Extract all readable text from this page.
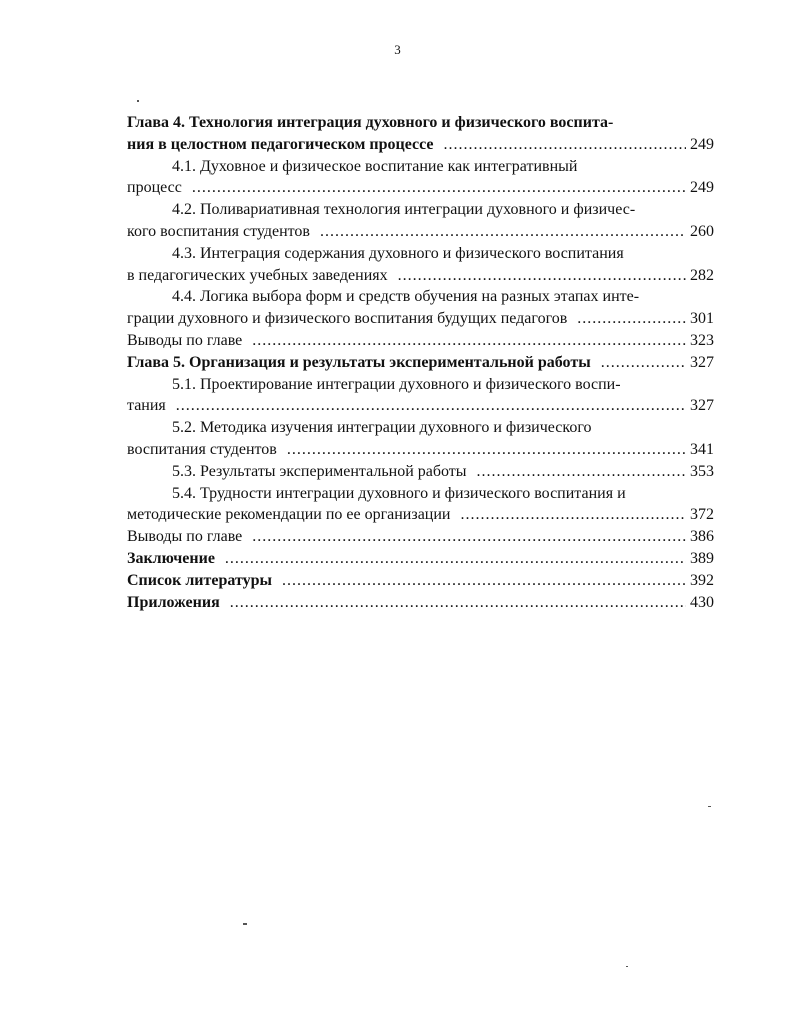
3
Глава 4. Технология интеграция духовного и физического воспита-
ния в целостном педагогическом процессе .....	249
4.1. Духовное и физическое воспитание как интегративный
процесс .....	249
4.2. Поливариативная технология интеграции духовного и физичес-
кого воспитания студентов .....	260
4.3. Интеграция содержания духовного и физического воспитания
в педагогических учебных заведениях .....	282
4.4. Логика выбора форм и средств обучения на разных этапах инте-
грации духовного и физического воспитания будущих педагогов .....	301
Выводы по главе .....	323
Глава 5. Организация и результаты экспериментальной работы .....	327
5.1. Проектирование интеграции духовного и физического воспи-
тания .....	327
5.2. Методика изучения интеграции духовного и физического
воспитания студентов .....	341
5.3. Результаты экспериментальной работы .....	353
5.4. Трудности интеграции духовного и физического воспитания и
методические рекомендации по ее организации .....	372
Выводы по главе .....	386
Заключение .....	389
Список литературы .....	392
Приложения .....	430
